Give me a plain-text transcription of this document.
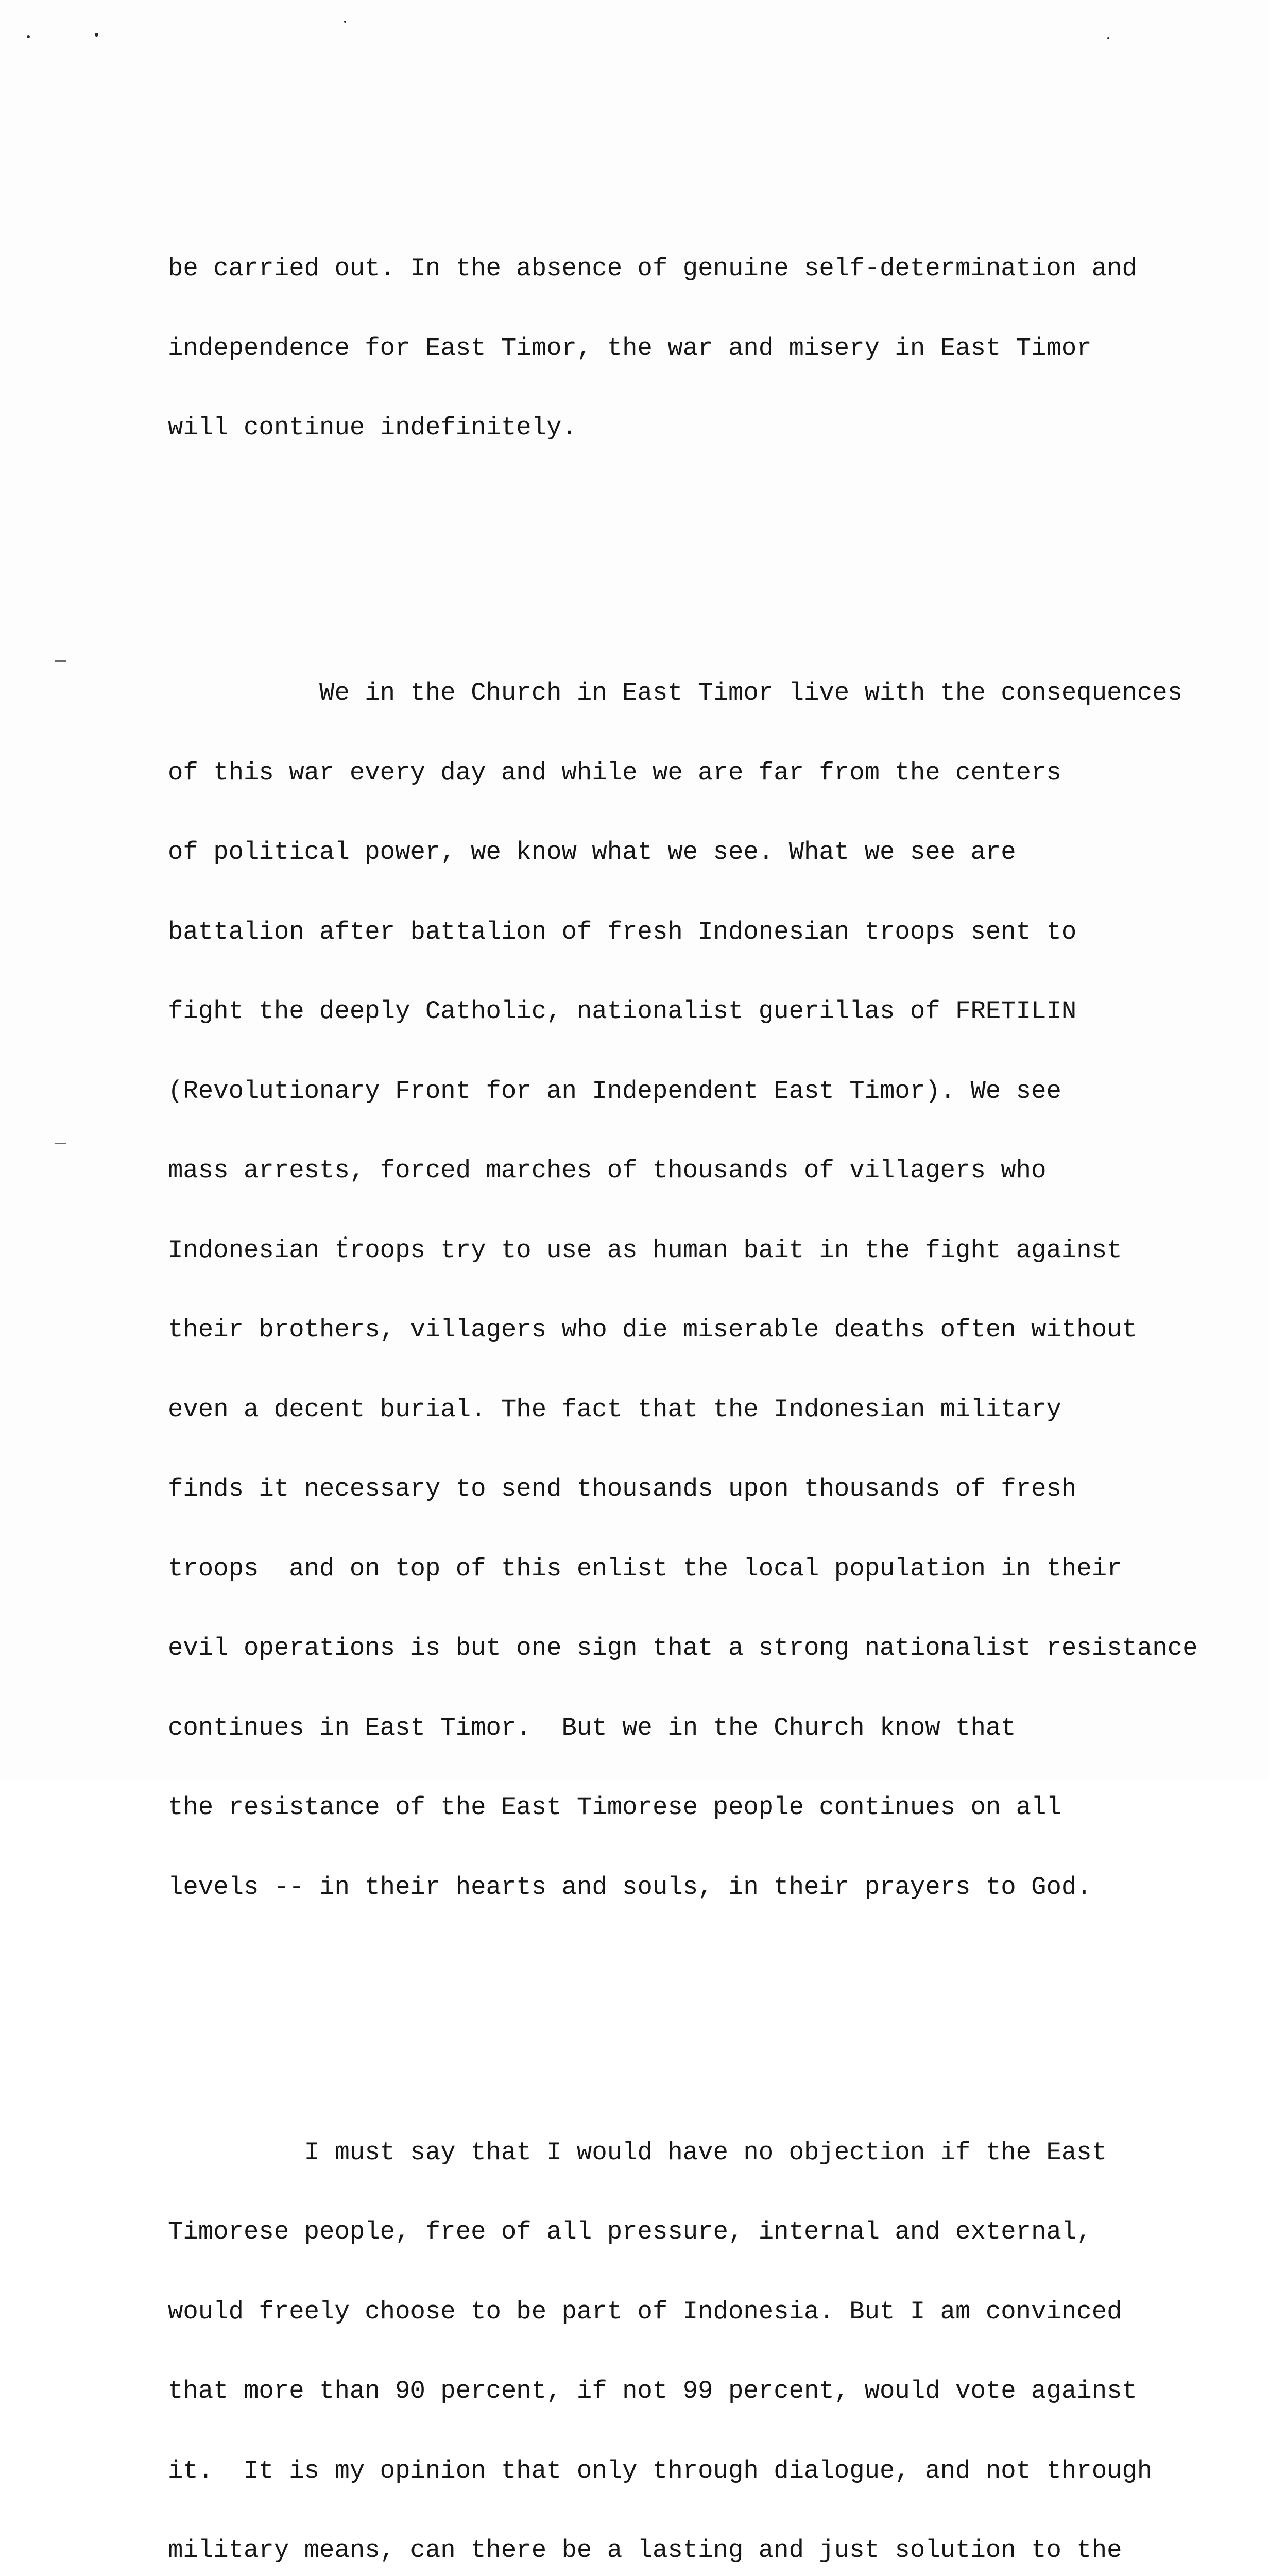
be carried out. In the absence of genuine self-determination and

independence for East Timor, the war and misery in East Timor

will continue indefinitely.

We in the Church in East Timor live with the consequences

of this war every day and while we are far from the centers

of political power, we know what we see. What we see are

battalion after battalion of fresh Indonesian troops sent to

fight the deeply Catholic, nationalist guerillas of FRETILIN

(Revolutionary Front for an Independent East Timor). We see

mass arrests, forced marches of thousands of villagers who

Indonesian troops try to use as human bait in the fight against

their brothers, villagers who die miserable deaths often without

even a decent burial. The fact that the Indonesian military

finds it necessary to send thousands upon thousands of fresh

troops  and on top of this enlist the local population in their

evil operations is but one sign that a strong nationalist resistance

continues in East Timor.  But we in the Church know that

the resistance of the East Timorese people continues on all

levels -- in their hearts and souls, in their prayers to God.

I must say that I would have no objection if the East

Timorese people, free of all pressure, internal and external,

would freely choose to be part of Indonesia. But I am convinced

that more than 90 percent, if not 99 percent, would vote against

it.  It is my opinion that only through dialogue, and not through

military means, can there be a lasting and just solution to the
